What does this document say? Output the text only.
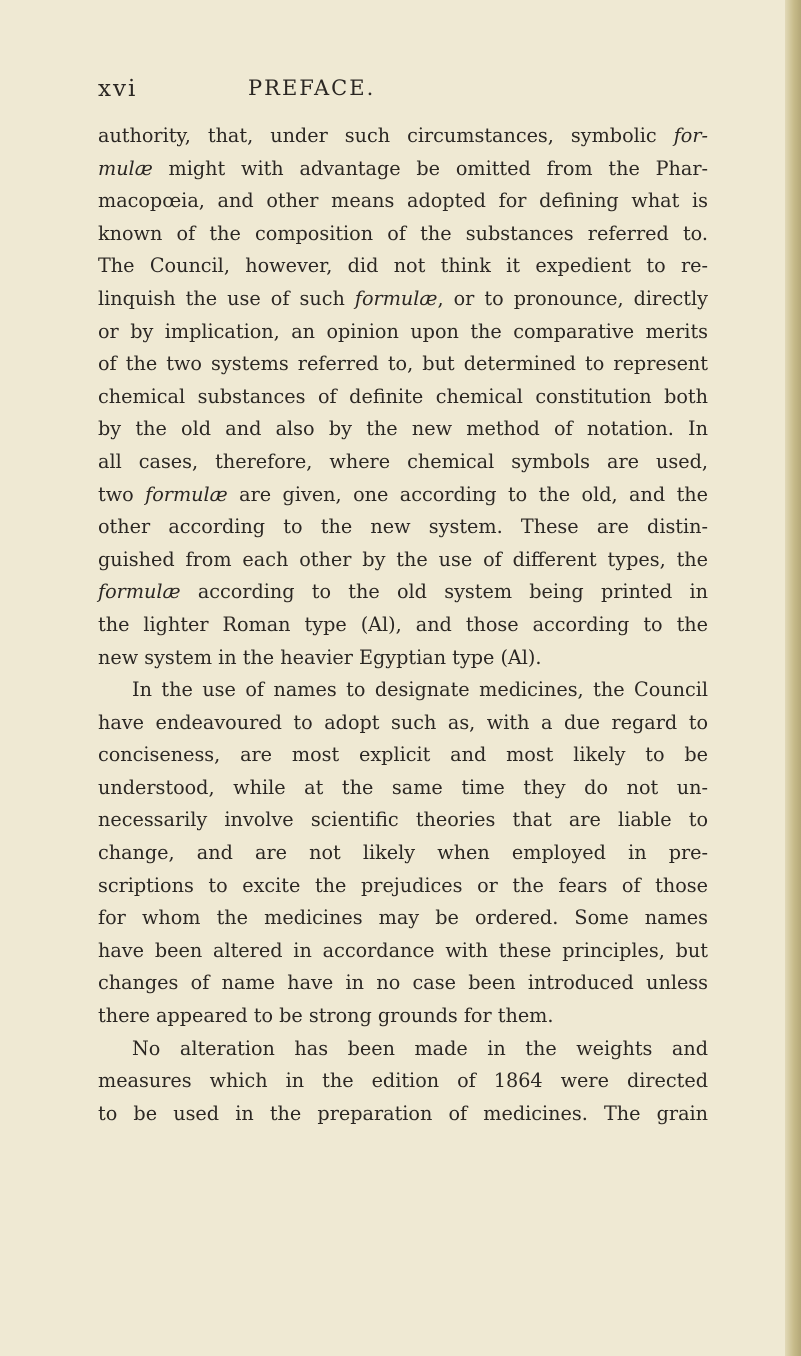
xvi	PREFACE.
authority, that, under such circumstances, symbolic for-
mulæ might with advantage be omitted from the Phar-
macopœia, and other means adopted for defining what is
known of the composition of the substances referred to.
The Council, however, did not think it expedient to re-
linquish the use of such formulæ, or to pronounce, directly
or by implication, an opinion upon the comparative merits
of the two systems referred to, but determined to represent
chemical substances of definite chemical constitution both
by the old and also by the new method of notation. In
all cases, therefore, where chemical symbols are used,
two formulæ are given, one according to the old, and the
other according to the new system. These are distin-
guished from each other by the use of different types, the
formulæ according to the old system being printed in
the lighter Roman type (Al), and those according to the
new system in the heavier Egyptian type (Al).
In the use of names to designate medicines, the Council
have endeavoured to adopt such as, with a due regard to
conciseness, are most explicit and most likely to be
understood, while at the same time they do not un-
necessarily involve scientific theories that are liable to
change, and are not likely when employed in pre-
scriptions to excite the prejudices or the fears of those
for whom the medicines may be ordered. Some names
have been altered in accordance with these principles, but
changes of name have in no case been introduced unless
there appeared to be strong grounds for them.
No alteration has been made in the weights and
measures which in the edition of 1864 were directed
to be used in the preparation of medicines. The grain
